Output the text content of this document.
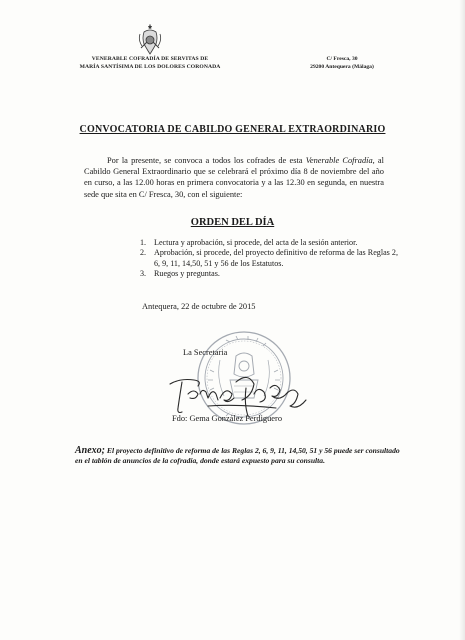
VENERABLE COFRADÍA DE SERVITAS DE
MARÍA SANTÍSIMA DE LOS DOLORES CORONADA
C/ Fresca, 30
29200 Antequera (Málaga)
CONVOCATORIA DE CABILDO GENERAL EXTRAORDINARIO

Por la presente, se convoca a todos los cofrades de esta Venerable Cofradía, al Cabildo General Extraordinario que se celebrará el próximo día 8 de noviembre del año en curso, a las 12.00 horas en primera convocatoria y a las 12.30 en segunda, en nuestra sede que sita en C/ Fresca, 30, con el siguiente:

ORDEN DEL DÍA
1. Lectura y aprobación, si procede, del acta de la sesión anterior.
2. Aprobación, si procede, del proyecto definitivo de reforma de las Reglas 2, 6, 9, 11, 14,50, 51 y 56 de los Estatutos.
3. Ruegos y preguntas.
Antequera, 22 de octubre de 2015
La Secretaria
Fdo: Gema González Perdiguero

Anexo; El proyecto definitivo de reforma de las Reglas 2, 6, 9, 11, 14,50, 51 y 56 puede ser consultado en el tablón de anuncios de la cofradía, donde estará expuesto para su consulta.
